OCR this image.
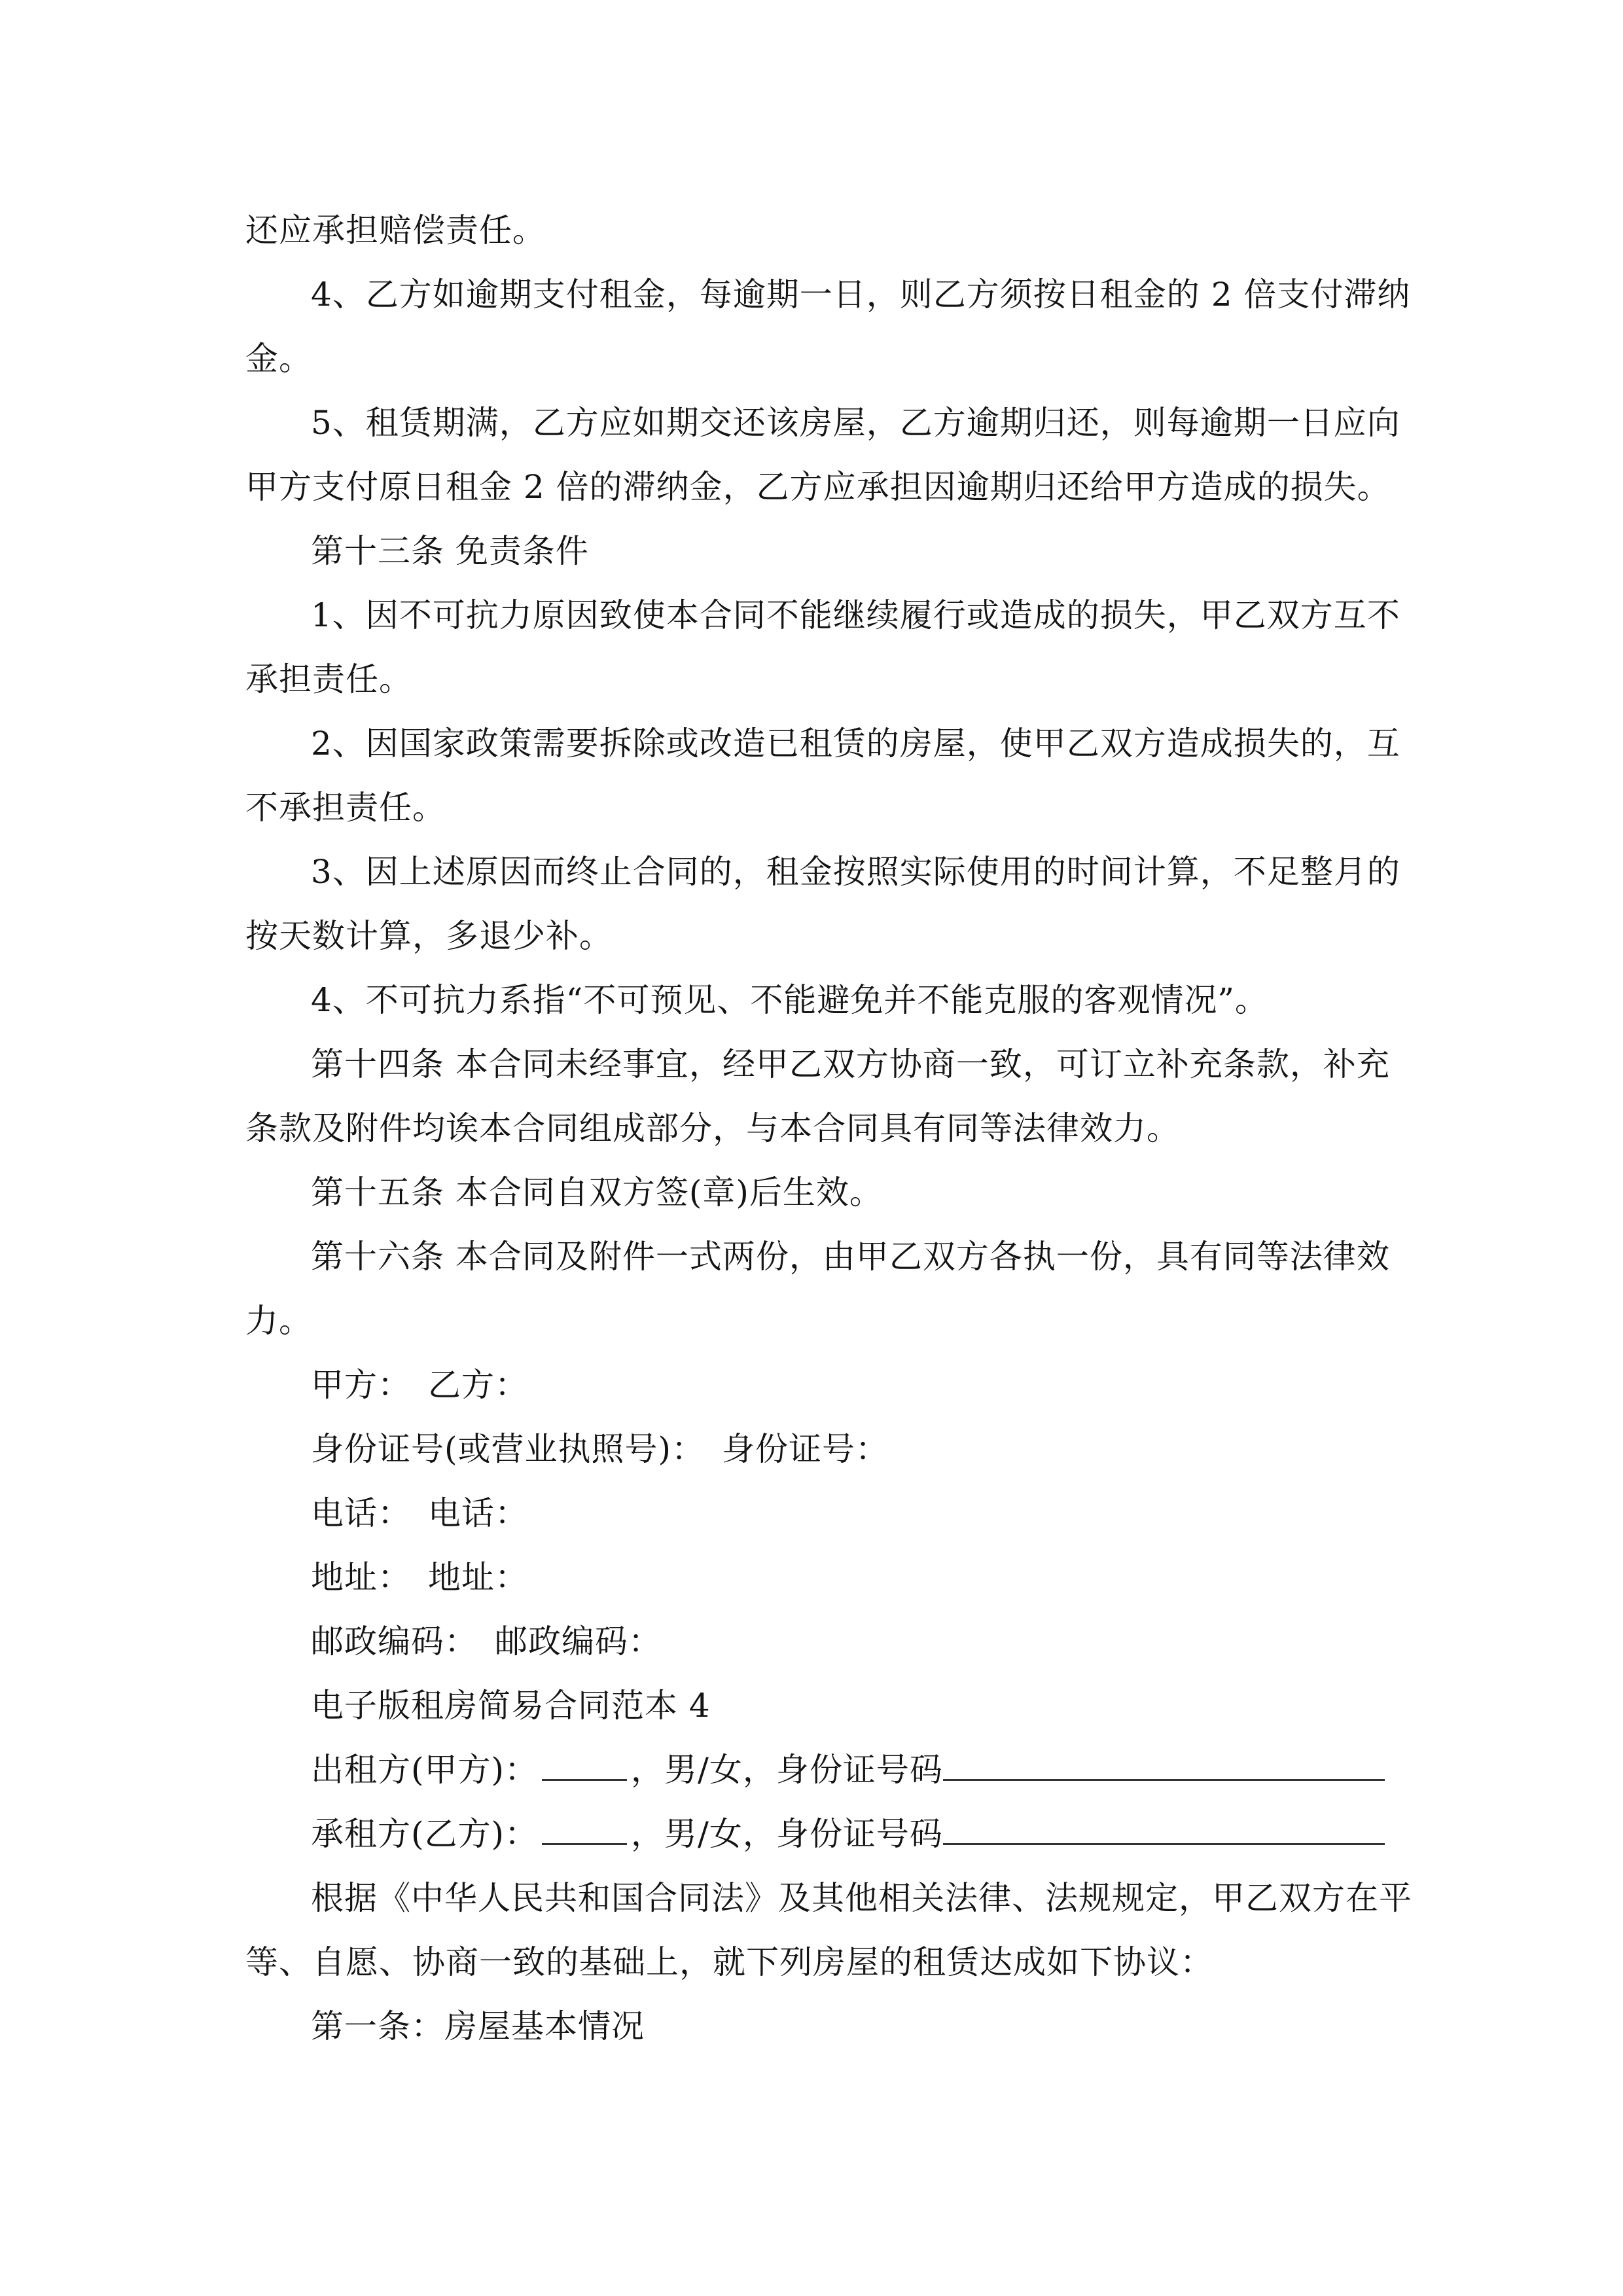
还应承担赔偿责任。
4、乙方如逾期支付租金，每逾期一日，则乙方须按日租金的 2 倍支付滞纳
金。
5、租赁期满，乙方应如期交还该房屋，乙方逾期归还，则每逾期一日应向
甲方支付原日租金 2 倍的滞纳金，乙方应承担因逾期归还给甲方造成的损失。
第十三条 免责条件
1、因不可抗力原因致使本合同不能继续履行或造成的损失，甲乙双方互不
承担责任。
2、因国家政策需要拆除或改造已租赁的房屋，使甲乙双方造成损失的，互
不承担责任。
3、因上述原因而终止合同的，租金按照实际使用的时间计算，不足整月的
按天数计算，多退少补。
4、不可抗力系指“不可预见、不能避免并不能克服的客观情况”。
第十四条 本合同未经事宜，经甲乙双方协商一致，可订立补充条款，补充
条款及附件均诶本合同组成部分，与本合同具有同等法律效力。
第十五条 本合同自双方签(章)后生效。
第十六条 本合同及附件一式两份，由甲乙双方各执一份，具有同等法律效
力。
甲方： 乙方：
身份证号(或营业执照号)： 身份证号：
电话： 电话：
地址： 地址：
邮政编码： 邮政编码：
电子版租房简易合同范本 4
出租方(甲方)：	，男/女，身份证号码
承租方(乙方)：	，男/女，身份证号码
根据《中华人民共和国合同法》及其他相关法律、法规规定，甲乙双方在平
等、自愿、协商一致的基础上，就下列房屋的租赁达成如下协议：
第一条：房屋基本情况
